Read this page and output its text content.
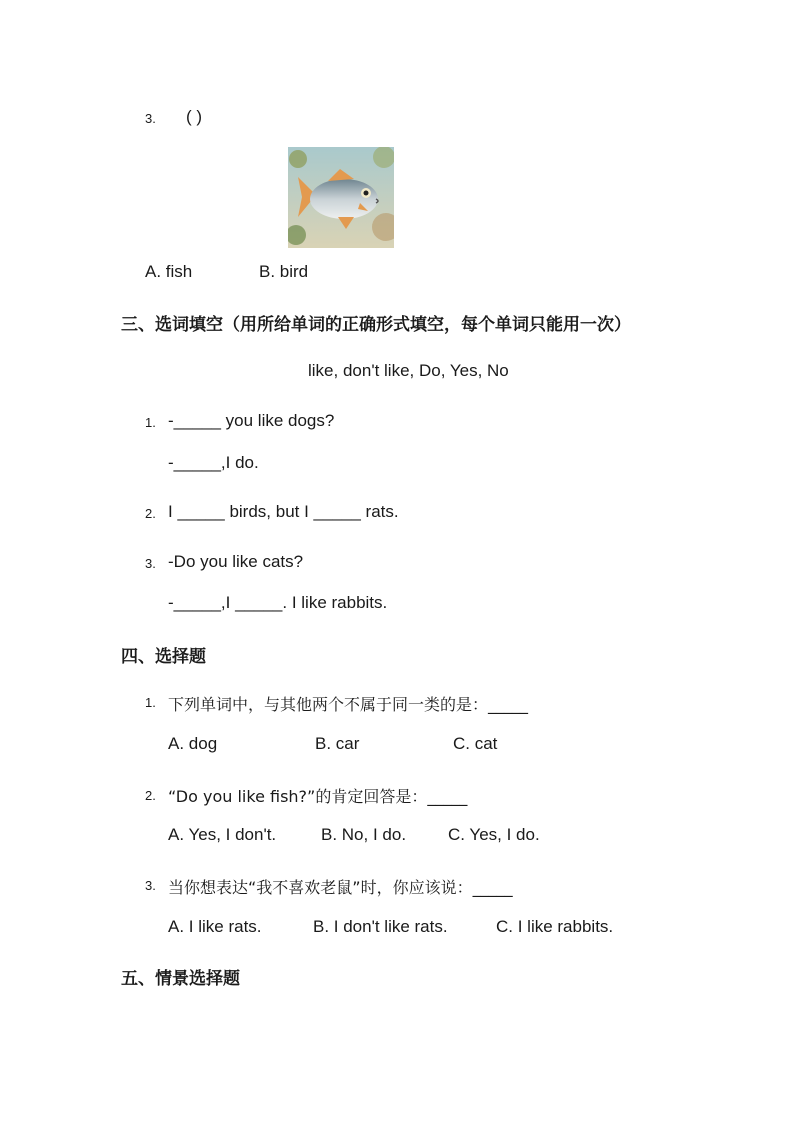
3. ( )
A. fish	B. bird
三、选词填空（用所给单词的正确形式填空，每个单词只能用一次）
like, don't like, Do, Yes, No
1. -_____ you like dogs?
-_____,I do.
2. I _____ birds, but I _____ rats.
3. -Do you like cats?
-_____,I _____. I like rabbits.
四、选择题
1. 下列单词中，与其他两个不属于同一类的是：_____
A. dog	B. car	C. cat
2. “Do you like fish?”的肯定回答是：_____
A. Yes, I don't.	B. No, I do. C. Yes, I do.
3. 当你想表达“我不喜欢老鼠”时，你应该说：_____
A. I like rats.	B. I don't like rats.	C. I like rabbits.
五、情景选择题
